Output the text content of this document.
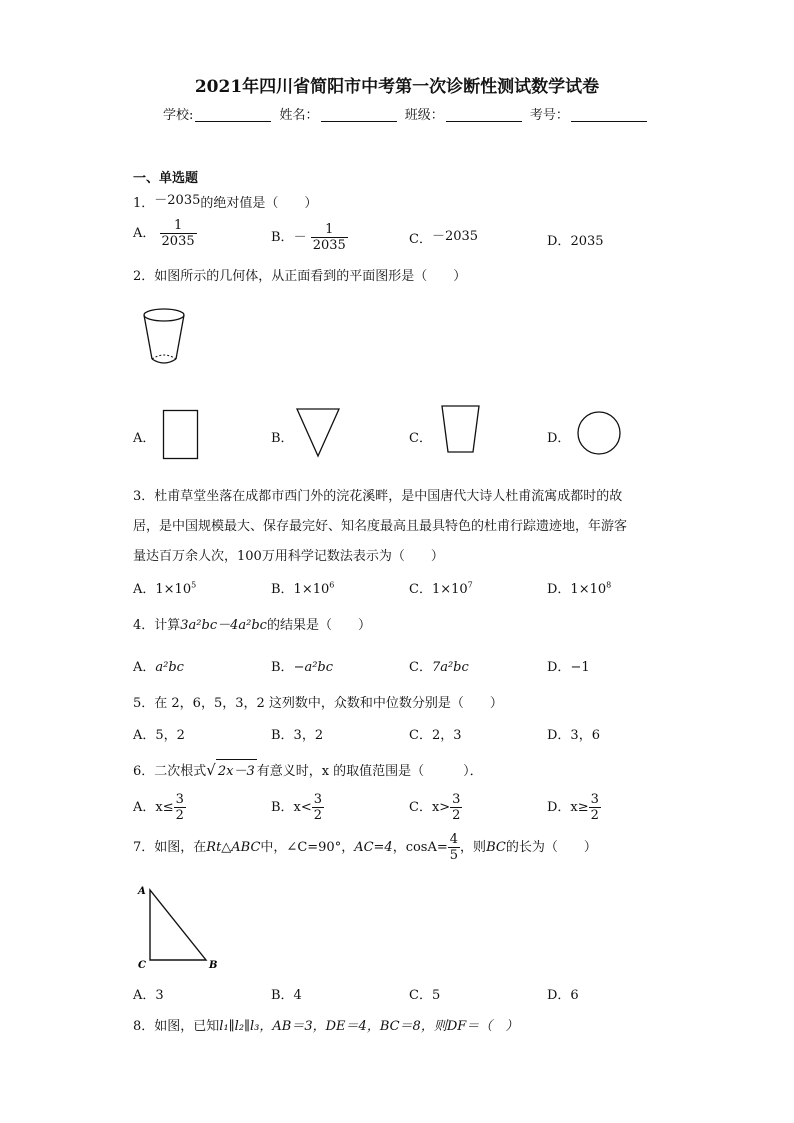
2021年四川省简阳市中考第一次诊断性测试数学试卷
学校:	姓名：	班级：	考号：
一、单选题
1．－2035的绝对值是（　　）
A． $\frac{1}{2035}$	B．－ $\frac{1}{2035}$	C．－2035	D．2035
2．如图所示的几何体，从正面看到的平面图形是（　　）
A．	B．	C．	D．
3．杜甫草堂坐落在成都市西门外的浣花溪畔，是中国唐代大诗人杜甫流寓成都时的故
居，是中国规模最大、保存最完好、知名度最高且最具特色的杜甫行踪遗迹地，年游客
量达百万余人次，100万用科学记数法表示为（　　）
A．$1\times 10^5$	B．$1\times 10^6$	C．$1\times 10^7$	D．$1\times 10^8$
4．计算3a²bc－4a²bc的结果是（　　）
A．a²bc	B．−a²bc	C．7a²bc	D．−1
5．在 2，6，5，3，2 这列数中，众数和中位数分别是（　　）
A．5，2	B．3，2	C．2，3	D．3，6
6．二次根式√ 2x－3 有意义时，x 的取值范围是（　　　）．
A．$x\le \frac{3}{2}$	B．$x< \frac{3}{2}$	C．$x> \frac{3}{2}$	D．$x\ge \frac{3}{2}$
7．如图，在Rt△ABC中，∠C=90°，AC=4，$\cos A= \frac{4}{5}$ ，则BC的长为（　　）
A
C	B
A．3	B．4	C．5	D．6
8．如图，已知l₁∥l₂∥l₃，AB＝3，DE＝4，BC＝8，则DF＝（　）
